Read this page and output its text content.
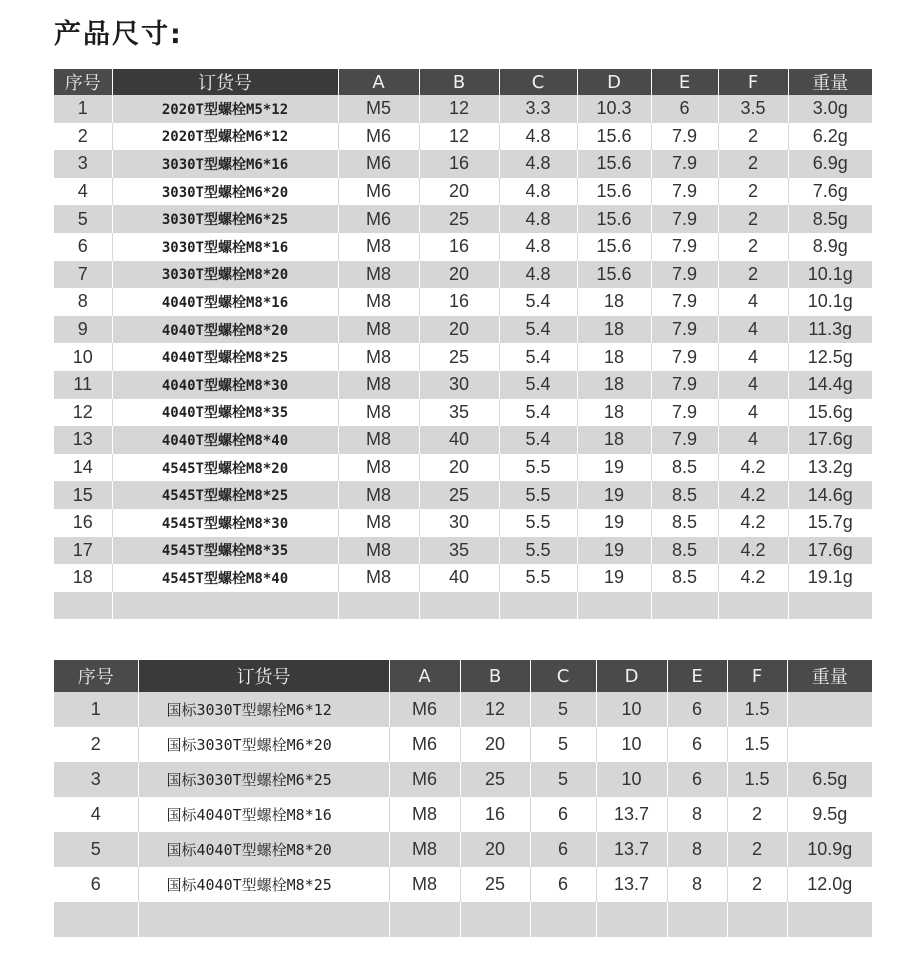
产品尺寸:
序号	订货号	A	B	C	D	E	F	重量
1	2020T型螺栓M5*12	M5	12	3.3	10.3	6	3.5	3.0g
2	2020T型螺栓M6*12	M6	12	4.8	15.6	7.9	2	6.2g
3	3030T型螺栓M6*16	M6	16	4.8	15.6	7.9	2	6.9g
4	3030T型螺栓M6*20	M6	20	4.8	15.6	7.9	2	7.6g
5	3030T型螺栓M6*25	M6	25	4.8	15.6	7.9	2	8.5g
6	3030T型螺栓M8*16	M8	16	4.8	15.6	7.9	2	8.9g
7	3030T型螺栓M8*20	M8	20	4.8	15.6	7.9	2	10.1g
8	4040T型螺栓M8*16	M8	16	5.4	18	7.9	4	10.1g
9	4040T型螺栓M8*20	M8	20	5.4	18	7.9	4	11.3g
10	4040T型螺栓M8*25	M8	25	5.4	18	7.9	4	12.5g
11	4040T型螺栓M8*30	M8	30	5.4	18	7.9	4	14.4g
12	4040T型螺栓M8*35	M8	35	5.4	18	7.9	4	15.6g
13	4040T型螺栓M8*40	M8	40	5.4	18	7.9	4	17.6g
14	4545T型螺栓M8*20	M8	20	5.5	19	8.5	4.2	13.2g
15	4545T型螺栓M8*25	M8	25	5.5	19	8.5	4.2	14.6g
16	4545T型螺栓M8*30	M8	30	5.5	19	8.5	4.2	15.7g
17	4545T型螺栓M8*35	M8	35	5.5	19	8.5	4.2	17.6g
18	4545T型螺栓M8*40	M8	40	5.5	19	8.5	4.2	19.1g

序号	订货号	A	B	C	D	E	F	重量
1	国标3030T型螺栓M6*12	M6	12	5	10	6	1.5	
2	国标3030T型螺栓M6*20	M6	20	5	10	6	1.5	
3	国标3030T型螺栓M6*25	M6	25	5	10	6	1.5	6.5g
4	国标4040T型螺栓M8*16	M8	16	6	13.7	8	2	9.5g
5	国标4040T型螺栓M8*20	M8	20	6	13.7	8	2	10.9g
6	国标4040T型螺栓M8*25	M8	25	6	13.7	8	2	12.0g
